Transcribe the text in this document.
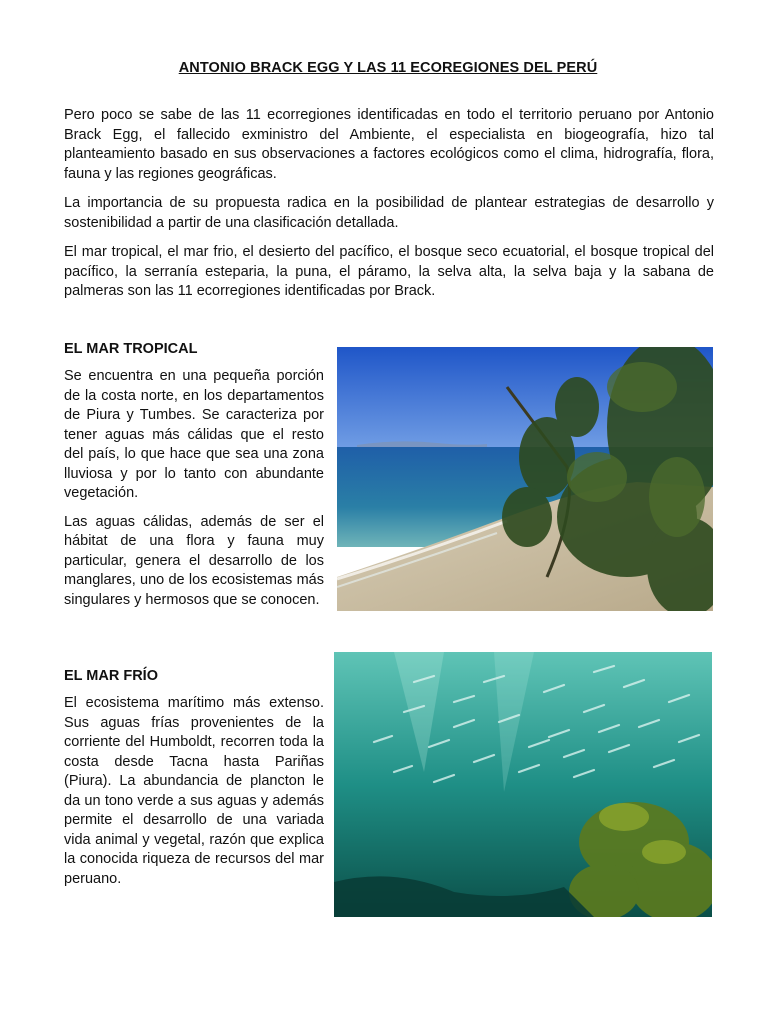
ANTONIO BRACK EGG Y LAS 11 ECOREGIONES DEL PERÚ

Pero poco se sabe de las 11 ecorregiones identificadas en todo el territorio peruano por Antonio Brack Egg, el fallecido exministro del Ambiente, el especialista en biogeografía, hizo tal planteamiento basado en sus observaciones a factores ecológicos como el clima, hidrografía, flora, fauna y las regiones geográficas.

La importancia de su propuesta radica en la posibilidad de plantear estrategias de desarrollo y sostenibilidad a partir de una clasificación detallada.

El mar tropical, el mar frio, el desierto del pacífico, el bosque seco ecuatorial, el bosque tropical del pacífico, la serranía esteparia, la puna, el páramo, la selva alta, la selva baja y la sabana de palmeras son las 11 ecorregiones identificadas por Brack.

EL MAR TROPICAL

Se encuentra en una pequeña porción de la costa norte, en los departamentos de Piura y Tumbes. Se caracteriza por tener aguas más cálidas que el resto del país, lo que hace que sea una zona lluviosa y por lo tanto con abundante vegetación.

Las aguas cálidas, además de ser el hábitat de una flora y fauna muy particular, genera el desarrollo de los manglares, uno de los ecosistemas más singulares y hermosos que se conocen.

EL MAR FRÍO

El ecosistema marítimo más extenso. Sus aguas frías provenientes de la corriente del Humboldt, recorren toda la costa desde Tacna hasta Pariñas (Piura). La abundancia de plancton le da un tono verde a sus aguas y además permite el desarrollo de una variada vida animal y vegetal, razón que explica la conocida riqueza de recursos del mar peruano.
